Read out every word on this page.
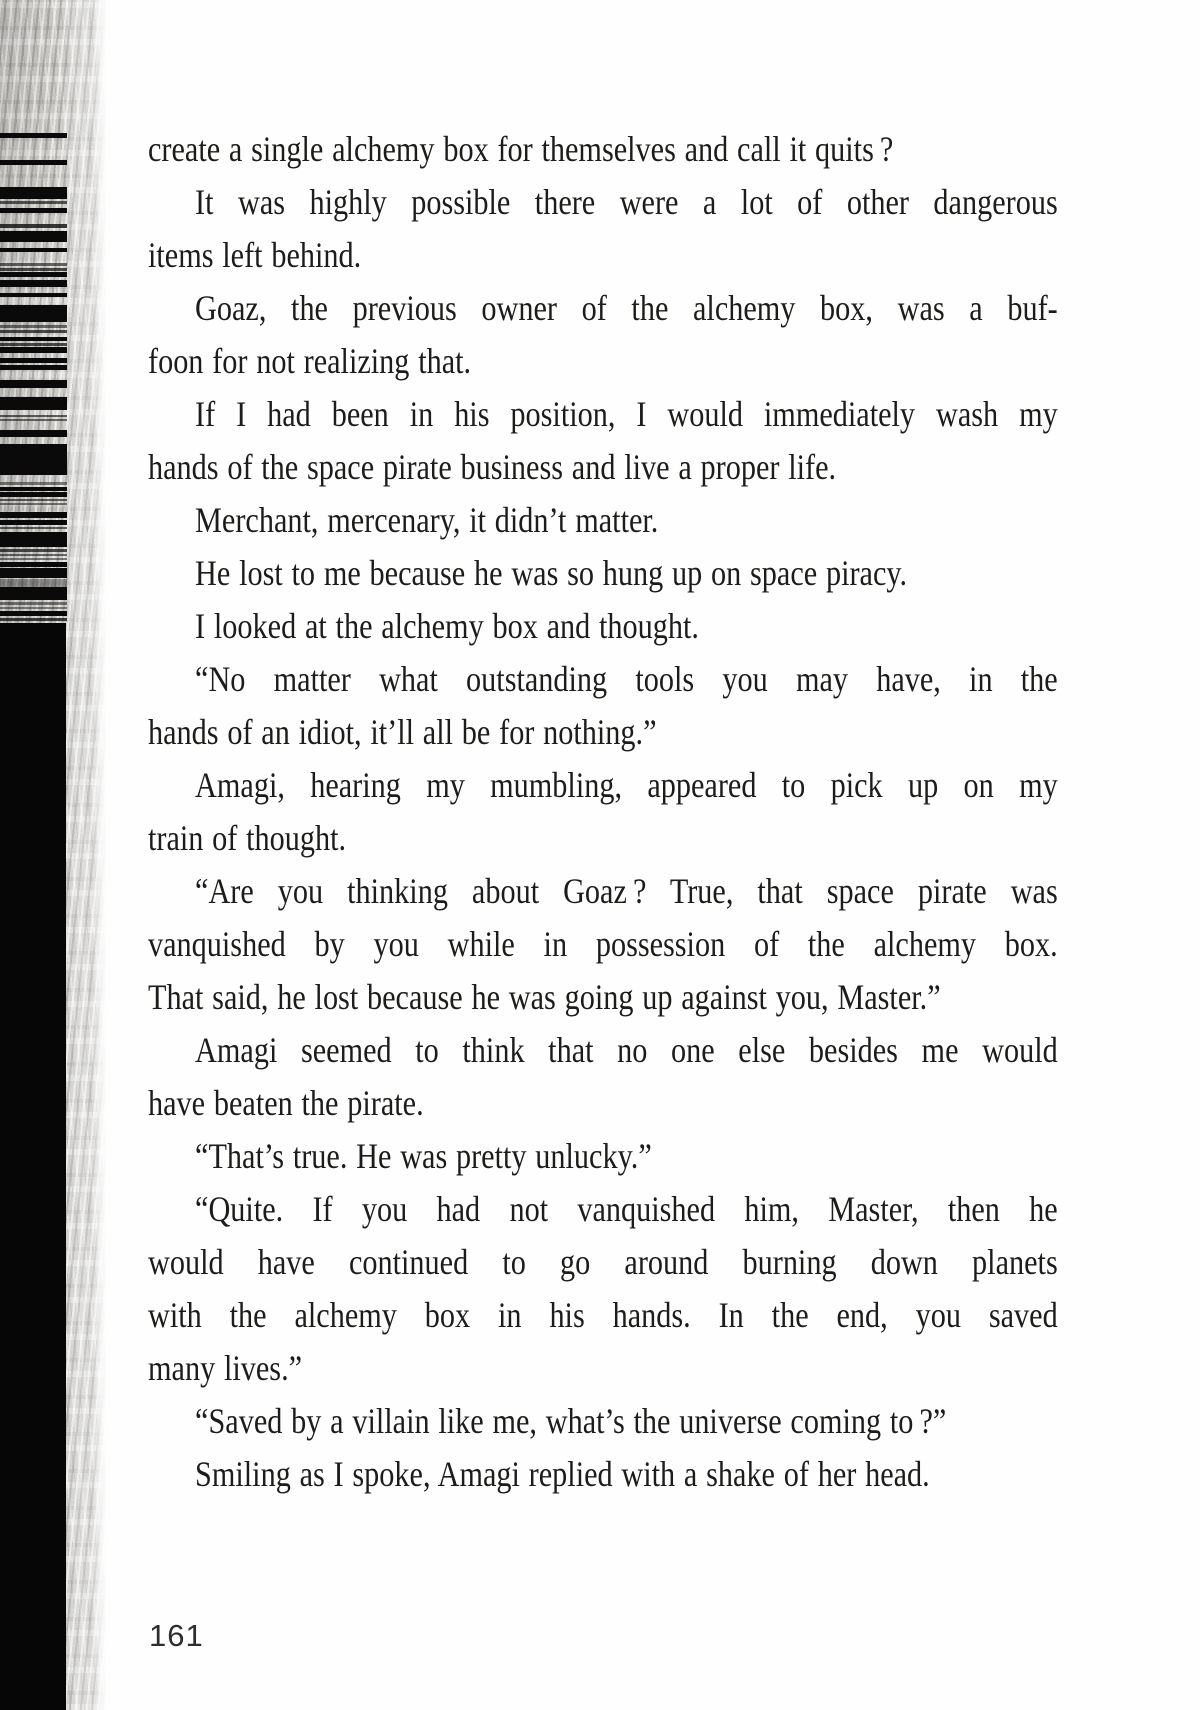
create a single alchemy box for themselves and call it quits ?
It was highly possible there were a lot of other dangerous
items left behind.
Goaz, the previous owner of the alchemy box, was a buf-
foon for not realizing that.
If I had been in his position, I would immediately wash my
hands of the space pirate business and live a proper life.
Merchant, mercenary, it didn’t matter.
He lost to me because he was so hung up on space piracy.
I looked at the alchemy box and thought.
“No matter what outstanding tools you may have, in the
hands of an idiot, it’ll all be for nothing.”
Amagi, hearing my mumbling, appeared to pick up on my
train of thought.
“Are you thinking about Goaz ? True, that space pirate was
vanquished by you while in possession of the alchemy box.
That said, he lost because he was going up against you, Master.”
Amagi seemed to think that no one else besides me would
have beaten the pirate.
“That’s true. He was pretty unlucky.”
“Quite. If you had not vanquished him, Master, then he
would have continued to go around burning down planets
with the alchemy box in his hands. In the end, you saved
many lives.”
“Saved by a villain like me, what’s the universe coming to ?”
Smiling as I spoke, Amagi replied with a shake of her head.
161
